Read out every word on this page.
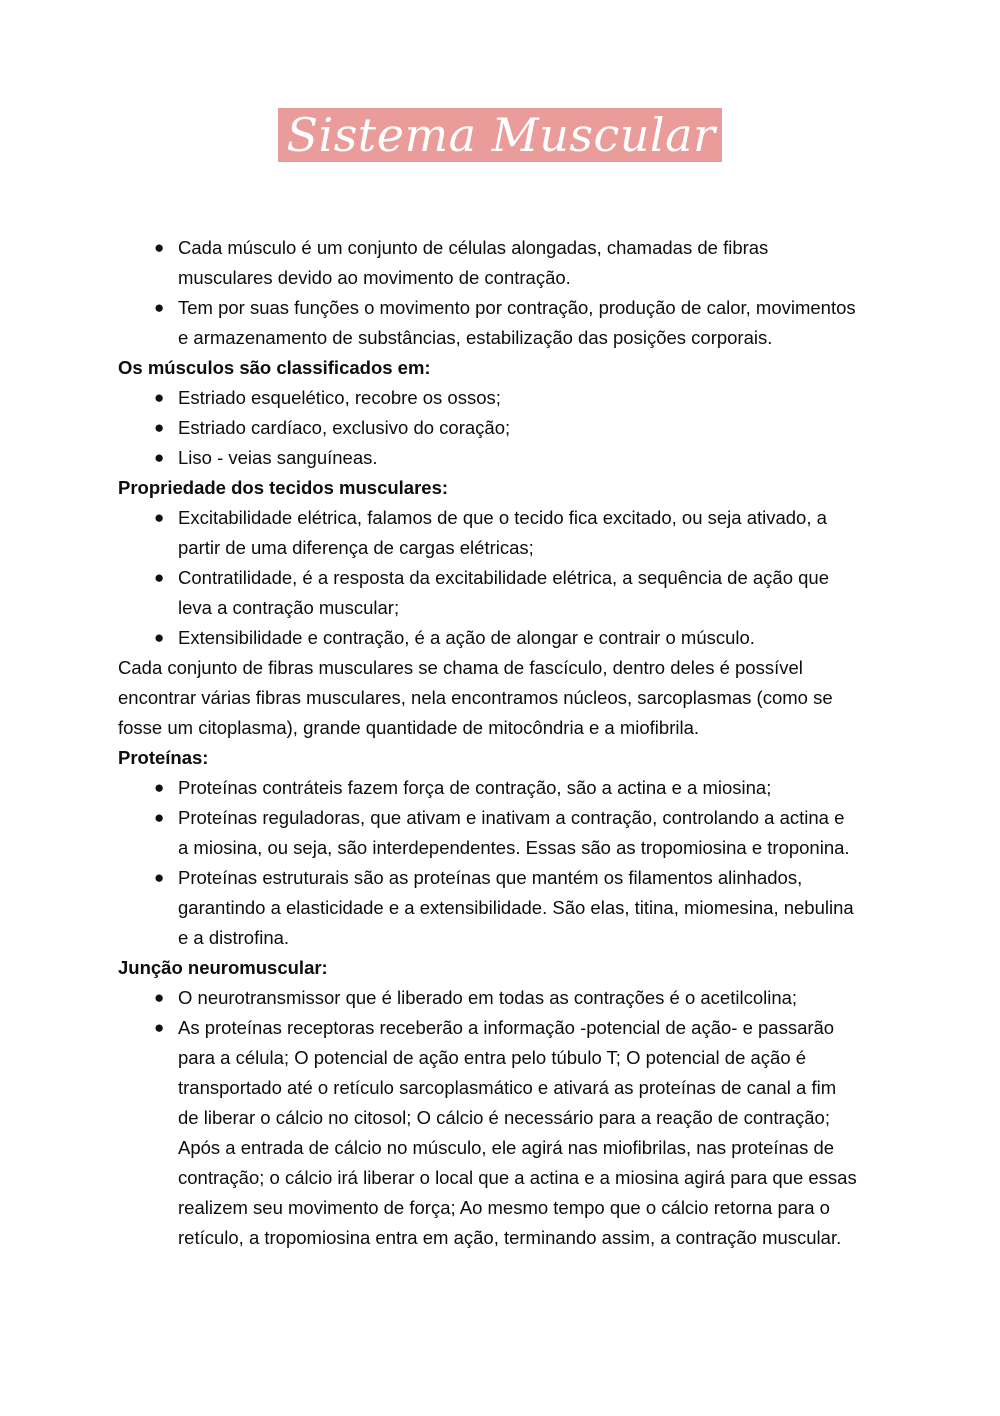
Sistema Muscular
● Cada músculo é um conjunto de células alongadas, chamadas de fibras musculares devido ao movimento de contração.
● Tem por suas funções o movimento por contração, produção de calor, movimentos e armazenamento de substâncias, estabilização das posições corporais.
Os músculos são classificados em:
● Estriado esquelético, recobre os ossos;
● Estriado cardíaco, exclusivo do coração;
● Liso - veias sanguíneas.
Propriedade dos tecidos musculares:
● Excitabilidade elétrica, falamos de que o tecido fica excitado, ou seja ativado, a partir de uma diferença de cargas elétricas;
● Contratilidade, é a resposta da excitabilidade elétrica, a sequência de ação que leva a contração muscular;
● Extensibilidade e contração, é a ação de alongar e contrair o músculo.

Cada conjunto de fibras musculares se chama de fascículo, dentro deles é possível encontrar várias fibras musculares, nela encontramos núcleos, sarcoplasmas (como se fosse um citoplasma), grande quantidade de mitocôndria e a miofibrila.

Proteínas:
● Proteínas contráteis fazem força de contração, são a actina e a miosina;
● Proteínas reguladoras, que ativam e inativam a contração, controlando a actina e a miosina, ou seja, são interdependentes. Essas são as tropomiosina e troponina.
● Proteínas estruturais são as proteínas que mantém os filamentos alinhados, garantindo a elasticidade e a extensibilidade. São elas, titina, miomesina, nebulina e a distrofina.
Junção neuromuscular:
● O neurotransmissor que é liberado em todas as contrações é o acetilcolina;
● As proteínas receptoras receberão a informação -potencial de ação- e passarão para a célula; O potencial de ação entra pelo túbulo T; O potencial de ação é transportado até o retículo sarcoplasmático e ativará as proteínas de canal a fim de liberar o cálcio no citosol; O cálcio é necessário para a reação de contração; Após a entrada de cálcio no músculo, ele agirá nas miofibrilas, nas proteínas de contração; o cálcio irá liberar o local que a actina e a miosina agirá para que essas realizem seu movimento de força; Ao mesmo tempo que o cálcio retorna para o retículo, a tropomiosina entra em ação, terminando assim, a contração muscular.
